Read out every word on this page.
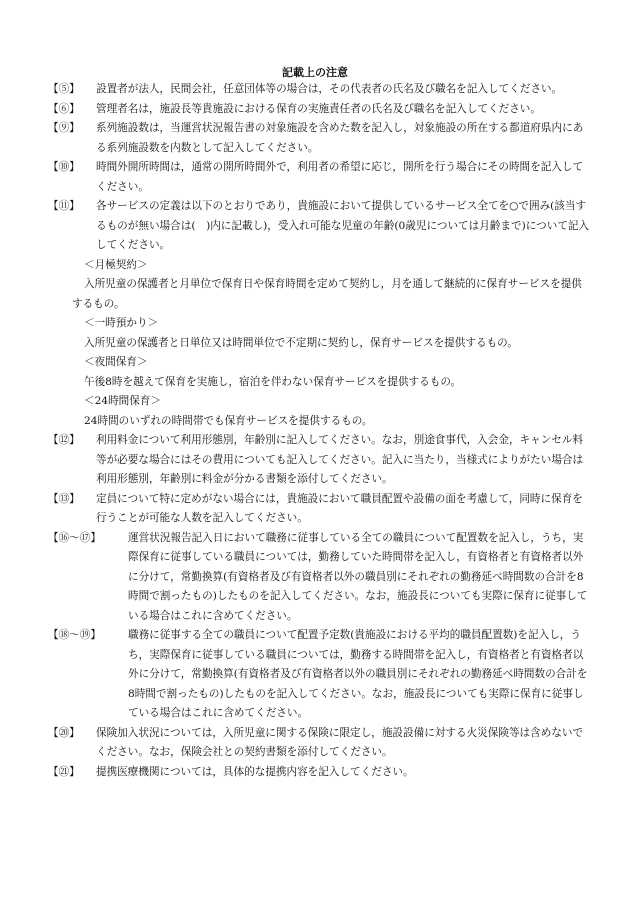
記載上の注意
【⑤】	設置者が法人，民間会社，任意団体等の場合は，その代表者の氏名及び職名を記入してください。
【⑥】	管理者名は，施設長等貴施設における保育の実施責任者の氏名及び職名を記入してください。
【⑨】	系列施設数は，当運営状況報告書の対象施設を含めた数を記入し，対象施設の所在する都道府県内にある系列施設数を内数として記入してください。
【⑩】	時間外開所時間は，通常の開所時間外で，利用者の希望に応じ，開所を行う場合にその時間を記入してください。
【⑪】	各サービスの定義は以下のとおりであり，貴施設において提供しているサービス全てを○で囲み(該当するものが無い場合は(　)内に記載し)，受入れ可能な児童の年齢(0歳児については月齢まで)について記入してください。
＜月極契約＞
入所児童の保護者と月単位で保育日や保育時間を定めて契約し，月を通して継続的に保育サービスを提供するもの。
＜一時預かり＞
入所児童の保護者と日単位又は時間単位で不定期に契約し，保育サービスを提供するもの。
＜夜間保育＞
午後8時を越えて保育を実施し，宿泊を伴わない保育サービスを提供するもの。
＜24時間保育＞
24時間のいずれの時間帯でも保育サービスを提供するもの。
【⑫】	利用料金について利用形態別，年齢別に記入してください。なお，別途食事代，入会金，キャンセル料等が必要な場合にはその費用についても記入してください。記入に当たり，当様式によりがたい場合は利用形態別，年齢別に料金が分かる書類を添付してください。
【⑬】	定員について特に定めがない場合には，貴施設において職員配置や設備の面を考慮して，同時に保育を行うことが可能な人数を記入してください。
【⑯～⑰】	運営状況報告記入日において職務に従事している全ての職員について配置数を記入し，うち，実際保育に従事している職員については，勤務していた時間帯を記入し，有資格者と有資格者以外に分けて，常勤換算(有資格者及び有資格者以外の職員別にそれぞれの勤務延べ時間数の合計を8時間で割ったもの)したものを記入してください。なお，施設長についても実際に保育に従事している場合はこれに含めてください。
【⑱～⑲】	職務に従事する全ての職員について配置予定数(貴施設における平均的職員配置数)を記入し，うち，実際保育に従事している職員については，勤務する時間帯を記入し，有資格者と有資格者以外に分けて，常勤換算(有資格者及び有資格者以外の職員別にそれぞれの勤務延べ時間数の合計を8時間で割ったもの)したものを記入してください。なお，施設長についても実際に保育に従事している場合はこれに含めてください。
【⑳】	保険加入状況については，入所児童に関する保険に限定し，施設設備に対する火災保険等は含めないでください。なお，保険会社との契約書類を添付してください。
【㉑】	提携医療機関については，具体的な提携内容を記入してください。
